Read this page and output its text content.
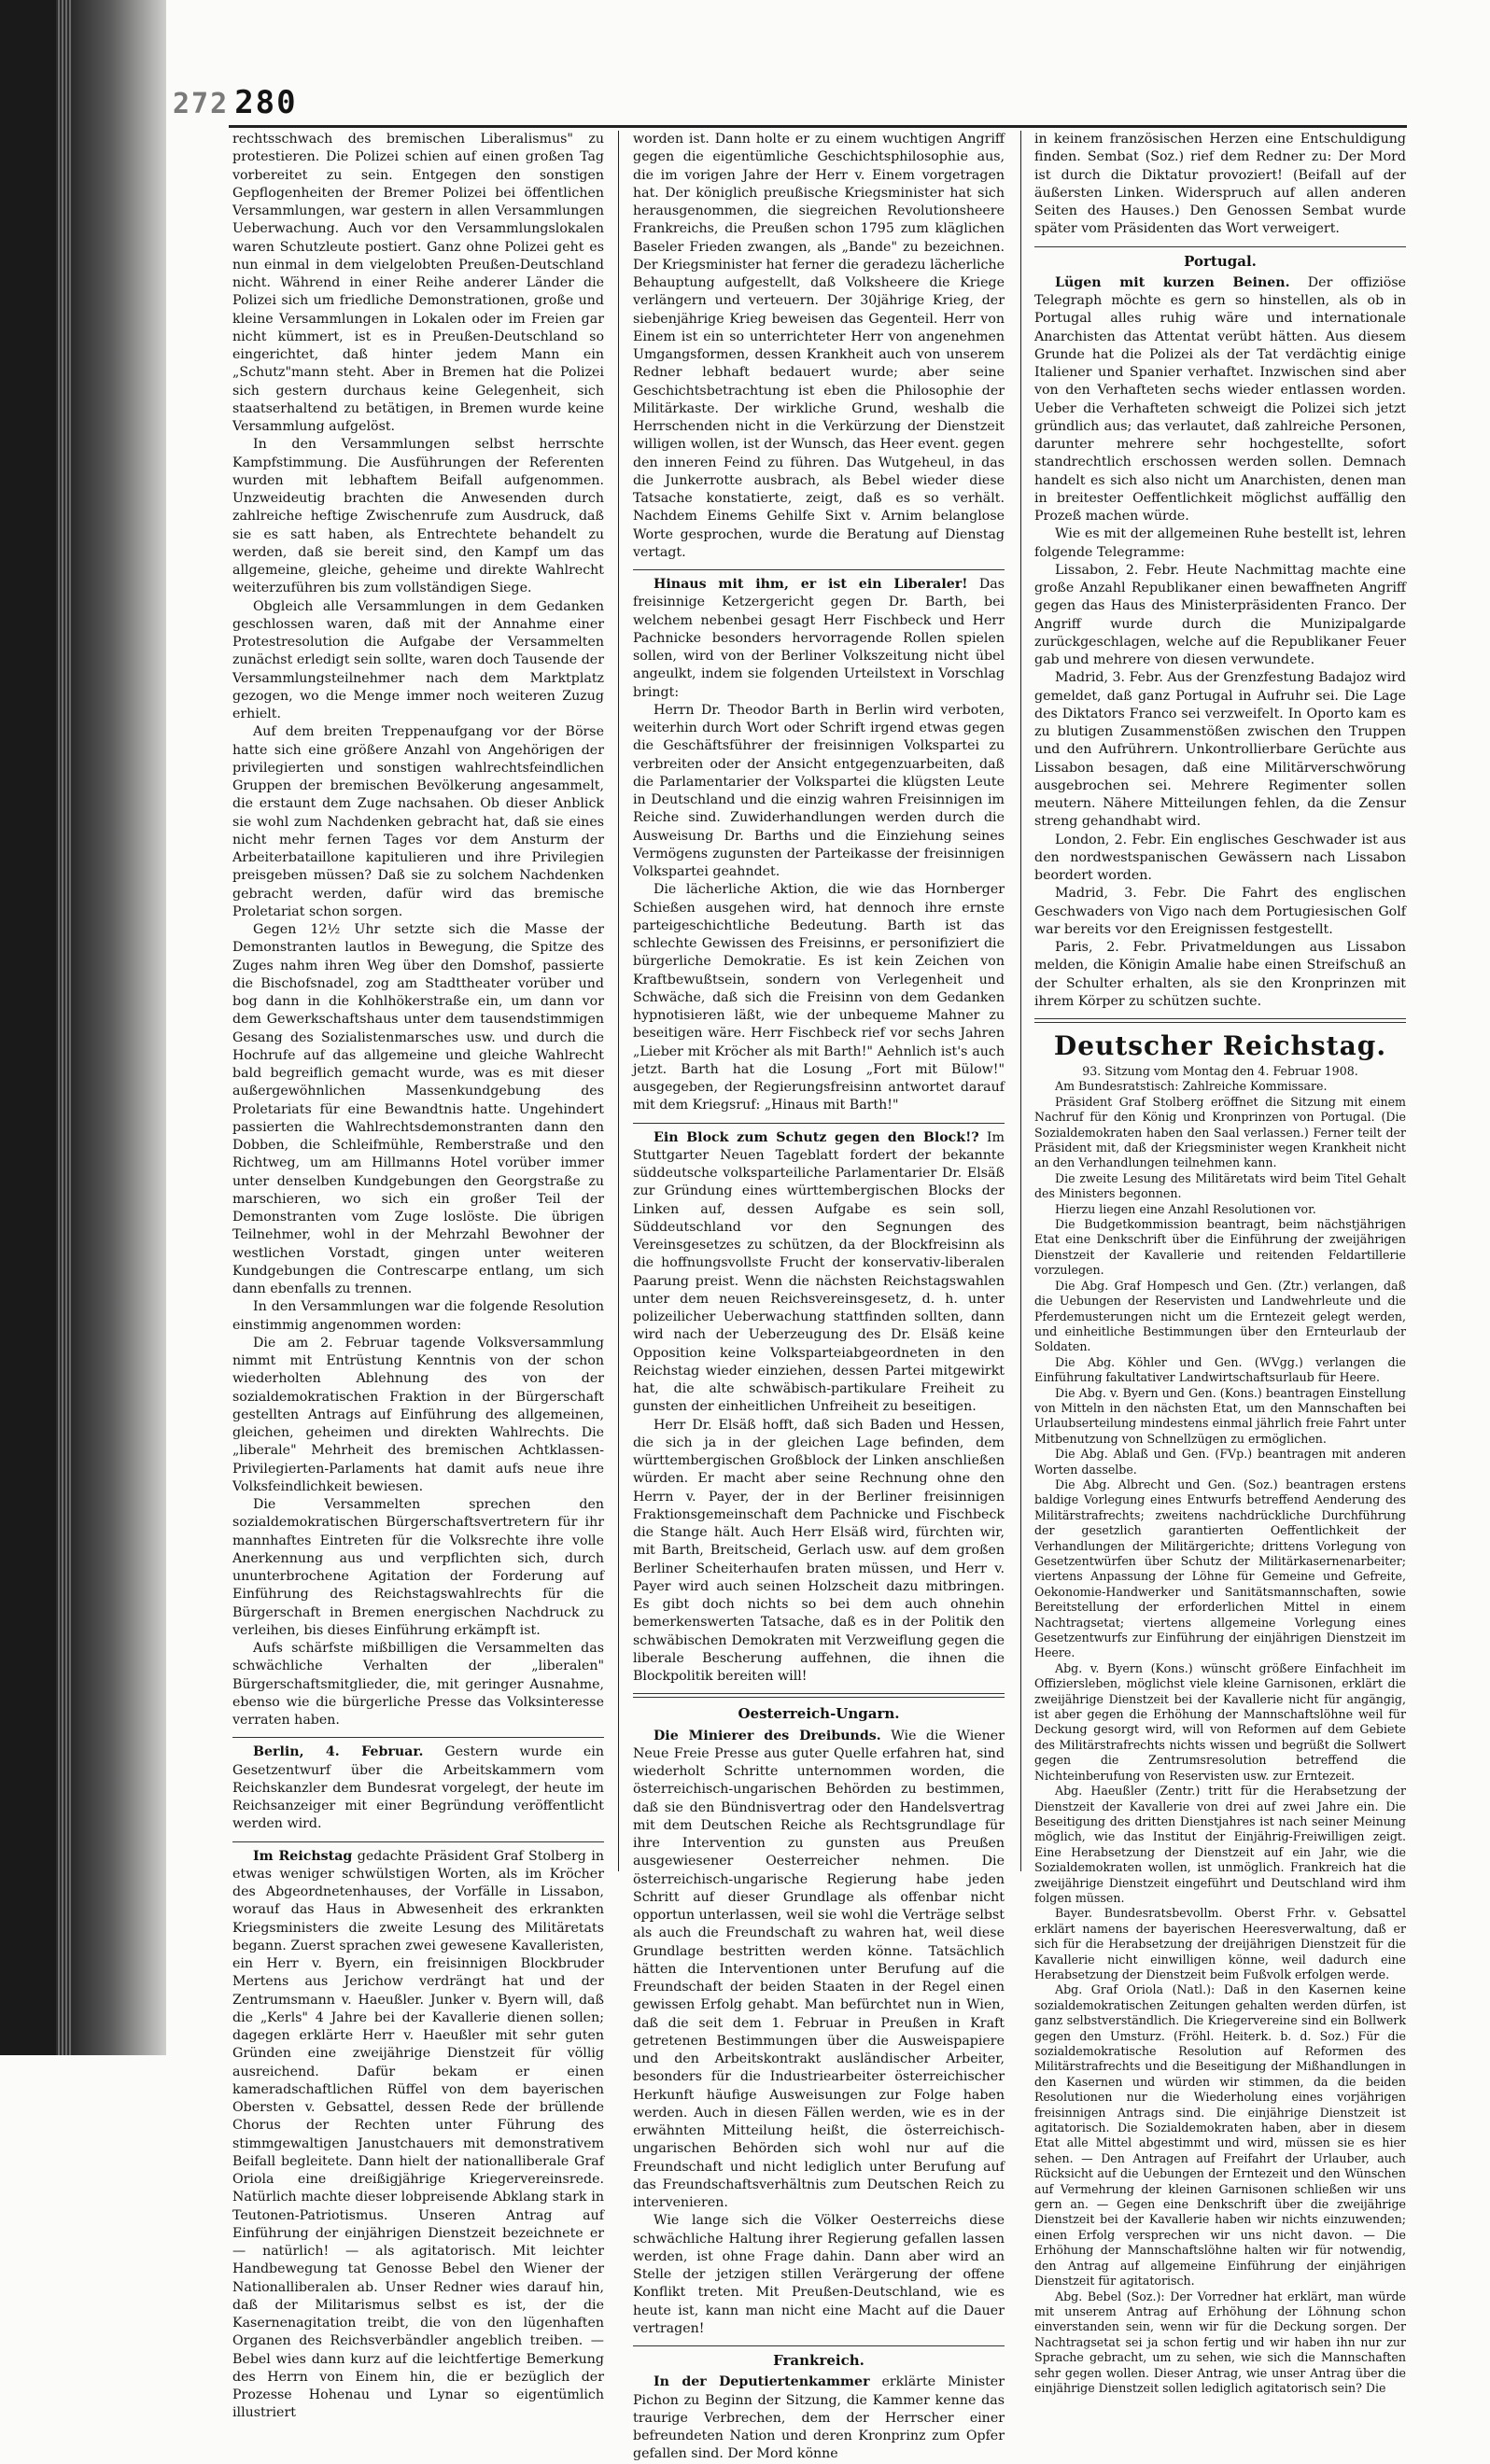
272 280

rechtsschwach des bremischen Liberalismus" zu protestieren. Die Polizei schien auf einen großen Tag vorbereitet zu sein. Entgegen den sonstigen Gepflogenheiten der Bremer Polizei bei öffentlichen Versammlungen, war gestern in allen Versammlungen Ueberwachung. Auch vor den Versammlungslokalen waren Schutzleute postiert. Ganz ohne Polizei geht es nun einmal in dem vielgelobten Preußen-Deutschland nicht. Während in einer Reihe anderer Länder die Polizei sich um friedliche Demonstrationen, große und kleine Versammlungen in Lokalen oder im Freien gar nicht kümmert, ist es in Preußen-Deutschland so eingerichtet, daß hinter jedem Mann ein „Schutz"mann steht. Aber in Bremen hat die Polizei sich gestern durchaus keine Gelegenheit, sich staatserhaltend zu betätigen, in Bremen wurde keine Versammlung aufgelöst.

In den Versammlungen selbst herrschte Kampfstimmung. Die Ausführungen der Referenten wurden mit lebhaftem Beifall aufgenommen. Unzweideutig brachten die Anwesenden durch zahlreiche heftige Zwischenrufe zum Ausdruck, daß sie es satt haben, als Entrechtete behandelt zu werden, daß sie bereit sind, den Kampf um das allgemeine, gleiche, geheime und direkte Wahlrecht weiterzuführen bis zum vollständigen Siege.

Obgleich alle Versammlungen in dem Gedanken geschlossen waren, daß mit der Annahme einer Protestresolution die Aufgabe der Versammelten zunächst erledigt sein sollte, waren doch Tausende der Versammlungsteilnehmer nach dem Marktplatz gezogen, wo die Menge immer noch weiteren Zuzug erhielt.

Auf dem breiten Treppenaufgang vor der Börse hatte sich eine größere Anzahl von Angehörigen der privilegierten und sonstigen wahlrechtsfeindlichen Gruppen der bremischen Bevölkerung angesammelt, die erstaunt dem Zuge nachsahen. Ob dieser Anblick sie wohl zum Nachdenken gebracht hat, daß sie eines nicht mehr fernen Tages vor dem Ansturm der Arbeiterbataillone kapitulieren und ihre Privilegien preisgeben müssen? Daß sie zu solchem Nachdenken gebracht werden, dafür wird das bremische Proletariat schon sorgen.

Gegen 12½ Uhr setzte sich die Masse der Demonstranten lautlos in Bewegung, die Spitze des Zuges nahm ihren Weg über den Domshof, passierte die Bischofsnadel, zog am Stadttheater vorüber und bog dann in die Kohlhökerstraße ein, um dann vor dem Gewerkschaftshaus unter dem tausendstimmigen Gesang des Sozialistenmarsches usw. und durch die Hochrufe auf das allgemeine und gleiche Wahlrecht bald begreiflich gemacht wurde, was es mit dieser außergewöhnlichen Massenkundgebung des Proletariats für eine Bewandtnis hatte. Ungehindert passierten die Wahlrechtsdemonstranten dann den Dobben, die Schleifmühle, Remberstraße und den Richtweg, um am Hillmanns Hotel vorüber immer unter denselben Kundgebungen den Georgstraße zu marschieren, wo sich ein großer Teil der Demonstranten vom Zuge loslöste. Die übrigen Teilnehmer, wohl in der Mehrzahl Bewohner der westlichen Vorstadt, gingen unter weiteren Kundgebungen die Contrescarpe entlang, um sich dann ebenfalls zu trennen.

In den Versammlungen war die folgende Resolution einstimmig angenommen worden:

Die am 2. Februar tagende Volksversammlung nimmt mit Entrüstung Kenntnis von der schon wiederholten Ablehnung des von der sozialdemokratischen Fraktion in der Bürgerschaft gestellten Antrags auf Einführung des allgemeinen, gleichen, geheimen und direkten Wahlrechts. Die „liberale" Mehrheit des bremischen Achtklassen-Privilegierten-Parlaments hat damit aufs neue ihre Volksfeindlichkeit bewiesen.

Die Versammelten sprechen den sozialdemokratischen Bürgerschaftsvertretern für ihr mannhaftes Eintreten für die Volksrechte ihre volle Anerkennung aus und verpflichten sich, durch ununterbrochene Agitation der Forderung auf Einführung des Reichstagswahlrechts für die Bürgerschaft in Bremen energischen Nachdruck zu verleihen, bis dieses Einführung erkämpft ist.

Aufs schärfste mißbilligen die Versammelten das schwächliche Verhalten der „liberalen" Bürgerschaftsmitglieder, die, mit geringer Ausnahme, ebenso wie die bürgerliche Presse das Volksinteresse verraten haben.

Berlin, 4. Februar. Gestern wurde ein Gesetzentwurf über die Arbeitskammern vom Reichskanzler dem Bundesrat vorgelegt, der heute im Reichsanzeiger mit einer Begründung veröffentlicht werden wird.

Im Reichstag gedachte Präsident Graf Stolberg in etwas weniger schwülstigen Worten, als im Kröcher des Abgeordnetenhauses, der Vorfälle in Lissabon, worauf das Haus in Abwesenheit des erkrankten Kriegsministers die zweite Lesung des Militäretats begann. Zuerst sprachen zwei gewesene Kavalleristen, ein Herr v. Byern, ein freisinnigen Blockbruder Mertens aus Jerichow verdrängt hat und der Zentrumsmann v. Haeußler. Junker v. Byern will, daß die „Kerls" 4 Jahre bei der Kavallerie dienen sollen; dagegen erklärte Herr v. Haeußler mit sehr guten Gründen eine zweijährige Dienstzeit für völlig ausreichend. Dafür bekam er einen kameradschaftlichen Rüffel von dem bayerischen Obersten v. Gebsattel, dessen Rede der brüllende Chorus der Rechten unter Führung des stimmgewaltigen Janustchauers mit demonstrativem Beifall begleitete. Dann hielt der nationalliberale Graf Oriola eine dreißigjährige Kriegervereinsrede. Natürlich machte dieser lobpreisende Abklang stark in Teutonen-Patriotismus. Unseren Antrag auf Einführung der einjährigen Dienstzeit bezeichnete er — natürlich! — als agitatorisch. Mit leichter Handbewegung tat Genosse Bebel den Wiener der Nationalliberalen ab. Unser Redner wies darauf hin, daß der Militarismus selbst es ist, der die Kasernenagitation treibt, die von den lügenhaften Organen des Reichsverbändler angeblich treiben. — Bebel wies dann kurz auf die leichtfertige Bemerkung des Herrn von Einem hin, die er bezüglich der Prozesse Hohenau und Lynar so eigentümlich illustriert

worden ist. Dann holte er zu einem wuchtigen Angriff gegen die eigentümliche Geschichtsphilosophie aus, die im vorigen Jahre der Herr v. Einem vorgetragen hat. Der königlich preußische Kriegsminister hat sich herausgenommen, die siegreichen Revolutionsheere Frankreichs, die Preußen schon 1795 zum kläglichen Baseler Frieden zwangen, als „Bande" zu bezeichnen. Der Kriegsminister hat ferner die geradezu lächerliche Behauptung aufgestellt, daß Volksheere die Kriege verlängern und verteuern. Der 30jährige Krieg, der siebenjährige Krieg beweisen das Gegenteil. Herr von Einem ist ein so unterrichteter Herr von angenehmen Umgangsformen, dessen Krankheit auch von unserem Redner lebhaft bedauert wurde; aber seine Geschichtsbetrachtung ist eben die Philosophie der Militärkaste. Der wirkliche Grund, weshalb die Herrschenden nicht in die Verkürzung der Dienstzeit willigen wollen, ist der Wunsch, das Heer event. gegen den inneren Feind zu führen. Das Wutgeheul, in das die Junkerrotte ausbrach, als Bebel wieder diese Tatsache konstatierte, zeigt, daß es so verhält. Nachdem Einems Gehilfe Sixt v. Arnim belanglose Worte gesprochen, wurde die Beratung auf Dienstag vertagt.

Hinaus mit ihm, er ist ein Liberaler! Das freisinnige Ketzergericht gegen Dr. Barth, bei welchem nebenbei gesagt Herr Fischbeck und Herr Pachnicke besonders hervorragende Rollen spielen sollen, wird von der Berliner Volkszeitung nicht übel angeulkt, indem sie folgenden Urteilstext in Vorschlag bringt:

Herrn Dr. Theodor Barth in Berlin wird verboten, weiterhin durch Wort oder Schrift irgend etwas gegen die Geschäftsführer der freisinnigen Volkspartei zu verbreiten oder der Ansicht entgegenzuarbeiten, daß die Parlamentarier der Volkspartei die klügsten Leute in Deutschland und die einzig wahren Freisinnigen im Reiche sind. Zuwiderhandlungen werden durch die Ausweisung Dr. Barths und die Einziehung seines Vermögens zugunsten der Parteikasse der freisinnigen Volkspartei geahndet.

Die lächerliche Aktion, die wie das Hornberger Schießen ausgehen wird, hat dennoch ihre ernste parteigeschichtliche Bedeutung. Barth ist das schlechte Gewissen des Freisinns, er personifiziert die bürgerliche Demokratie. Es ist kein Zeichen von Kraftbewußtsein, sondern von Verlegenheit und Schwäche, daß sich die Freisinn von dem Gedanken hypnotisieren läßt, wie der unbequeme Mahner zu beseitigen wäre. Herr Fischbeck rief vor sechs Jahren „Lieber mit Kröcher als mit Barth!" Aehnlich ist's auch jetzt. Barth hat die Losung „Fort mit Bülow!" ausgegeben, der Regierungsfreisinn antwortet darauf mit dem Kriegsruf: „Hinaus mit Barth!"

Ein Block zum Schutz gegen den Block!? Im Stuttgarter Neuen Tageblatt fordert der bekannte süddeutsche volksparteiliche Parlamentarier Dr. Elsäß zur Gründung eines württembergischen Blocks der Linken auf, dessen Aufgabe es sein soll, Süddeutschland vor den Segnungen des Vereinsgesetzes zu schützen, da der Blockfreisinn als die hoffnungsvollste Frucht der konservativ-liberalen Paarung preist. Wenn die nächsten Reichstagswahlen unter dem neuen Reichsvereinsgesetz, d. h. unter polizeilicher Ueberwachung stattfinden sollten, dann wird nach der Ueberzeugung des Dr. Elsäß keine Opposition keine Volksparteiabgeordneten in den Reichstag wieder einziehen, dessen Partei mitgewirkt hat, die alte schwäbisch-partikulare Freiheit zu gunsten der einheitlichen Unfreiheit zu beseitigen.

Herr Dr. Elsäß hofft, daß sich Baden und Hessen, die sich ja in der gleichen Lage befinden, dem württembergischen Großblock der Linken anschließen würden. Er macht aber seine Rechnung ohne den Herrn v. Payer, der in der Berliner freisinnigen Fraktionsgemeinschaft dem Pachnicke und Fischbeck die Stange hält. Auch Herr Elsäß wird, fürchten wir, mit Barth, Breitscheid, Gerlach usw. auf dem großen Berliner Scheiterhaufen braten müssen, und Herr v. Payer wird auch seinen Holzscheit dazu mitbringen. Es gibt doch nichts so bei dem auch ohnehin bemerkenswerten Tatsache, daß es in der Politik den schwäbischen Demokraten mit Verzweiflung gegen die liberale Bescherung auffehnen, die ihnen die Blockpolitik bereiten will!

Oesterreich-Ungarn.

Die Minierer des Dreibunds. Wie die Wiener Neue Freie Presse aus guter Quelle erfahren hat, sind wiederholt Schritte unternommen worden, die österreichisch-ungarischen Behörden zu bestimmen, daß sie den Bündnisvertrag oder den Handelsvertrag mit dem Deutschen Reiche als Rechtsgrundlage für ihre Intervention zu gunsten aus Preußen ausgewiesener Oesterreicher nehmen. Die österreichisch-ungarische Regierung habe jeden Schritt auf dieser Grundlage als offenbar nicht opportun unterlassen, weil sie wohl die Verträge selbst als auch die Freundschaft zu wahren hat, weil diese Grundlage bestritten werden könne. Tatsächlich hätten die Interventionen unter Berufung auf die Freundschaft der beiden Staaten in der Regel einen gewissen Erfolg gehabt. Man befürchtet nun in Wien, daß die seit dem 1. Februar in Preußen in Kraft getretenen Bestimmungen über die Ausweispapiere und den Arbeitskontrakt ausländischer Arbeiter, besonders für die Industriearbeiter österreichischer Herkunft häufige Ausweisungen zur Folge haben werden. Auch in diesen Fällen werden, wie es in der erwähnten Mitteilung heißt, die österreichisch-ungarischen Behörden sich wohl nur auf die Freundschaft und nicht lediglich unter Berufung auf das Freundschaftsverhältnis zum Deutschen Reich zu intervenieren.

Wie lange sich die Völker Oesterreichs diese schwächliche Haltung ihrer Regierung gefallen lassen werden, ist ohne Frage dahin. Dann aber wird an Stelle der jetzigen stillen Verärgerung der offene Konflikt treten. Mit Preußen-Deutschland, wie es heute ist, kann man nicht eine Macht auf die Dauer vertragen!

Frankreich.

In der Deputiertenkammer erklärte Minister Pichon zu Beginn der Sitzung, die Kammer kenne das traurige Verbrechen, dem der Herrscher einer befreundeten Nation und deren Kronprinz zum Opfer gefallen sind. Der Mord könne

in keinem französischen Herzen eine Entschuldigung finden. Sembat (Soz.) rief dem Redner zu: Der Mord ist durch die Diktatur provoziert! (Beifall auf der äußersten Linken. Widerspruch auf allen anderen Seiten des Hauses.) Den Genossen Sembat wurde später vom Präsidenten das Wort verweigert.

Portugal.

Lügen mit kurzen Beinen. Der offiziöse Telegraph möchte es gern so hinstellen, als ob in Portugal alles ruhig wäre und internationale Anarchisten das Attentat verübt hätten. Aus diesem Grunde hat die Polizei als der Tat verdächtig einige Italiener und Spanier verhaftet. Inzwischen sind aber von den Verhafteten sechs wieder entlassen worden. Ueber die Verhafteten schweigt die Polizei sich jetzt gründlich aus; das verlautet, daß zahlreiche Personen, darunter mehrere sehr hochgestellte, sofort standrechtlich erschossen werden sollen. Demnach handelt es sich also nicht um Anarchisten, denen man in breitester Oeffentlichkeit möglichst auffällig den Prozeß machen würde.

Wie es mit der allgemeinen Ruhe bestellt ist, lehren folgende Telegramme:

Lissabon, 2. Febr. Heute Nachmittag machte eine große Anzahl Republikaner einen bewaffneten Angriff gegen das Haus des Ministerpräsidenten Franco. Der Angriff wurde durch die Munizipalgarde zurückgeschlagen, welche auf die Republikaner Feuer gab und mehrere von diesen verwundete.

Madrid, 3. Febr. Aus der Grenzfestung Badajoz wird gemeldet, daß ganz Portugal in Aufruhr sei. Die Lage des Diktators Franco sei verzweifelt. In Oporto kam es zu blutigen Zusammenstößen zwischen den Truppen und den Aufrührern. Unkontrollierbare Gerüchte aus Lissabon besagen, daß eine Militärverschwörung ausgebrochen sei. Mehrere Regimenter sollen meutern. Nähere Mitteilungen fehlen, da die Zensur streng gehandhabt wird.

London, 2. Febr. Ein englisches Geschwader ist aus den nordwestspanischen Gewässern nach Lissabon beordert worden.

Madrid, 3. Febr. Die Fahrt des englischen Geschwaders von Vigo nach dem Portugiesischen Golf war bereits vor den Ereignissen festgestellt.

Paris, 2. Febr. Privatmeldungen aus Lissabon melden, die Königin Amalie habe einen Streifschuß an der Schulter erhalten, als sie den Kronprinzen mit ihrem Körper zu schützen suchte.

Deutscher Reichstag.

93. Sitzung vom Montag den 4. Februar 1908.

Am Bundesratstisch: Zahlreiche Kommissare.

Präsident Graf Stolberg eröffnet die Sitzung mit einem Nachruf für den König und Kronprinzen von Portugal. (Die Sozialdemokraten haben den Saal verlassen.) Ferner teilt der Präsident mit, daß der Kriegsminister wegen Krankheit nicht an den Verhandlungen teilnehmen kann.

Die zweite Lesung des Militäretats wird beim Titel Gehalt des Ministers begonnen.

Hierzu liegen eine Anzahl Resolutionen vor.

Die Budgetkommission beantragt, beim nächstjährigen Etat eine Denkschrift über die Einführung der zweijährigen Dienstzeit der Kavallerie und reitenden Feldartillerie vorzulegen.

Die Abg. Graf Hompesch und Gen. (Ztr.) verlangen, daß die Uebungen der Reservisten und Landwehrleute und die Pferdemusterungen nicht um die Erntezeit gelegt werden, und einheitliche Bestimmungen über den Ernteurlaub der Soldaten.

Die Abg. Köhler und Gen. (WVgg.) verlangen die Einführung fakultativer Landwirtschaftsurlaub für Heere.

Die Abg. v. Byern und Gen. (Kons.) beantragen Einstellung von Mitteln in den nächsten Etat, um den Mannschaften bei Urlaubserteilung mindestens einmal jährlich freie Fahrt unter Mitbenutzung von Schnellzügen zu ermöglichen.

Die Abg. Ablaß und Gen. (FVp.) beantragen mit anderen Worten dasselbe.

Die Abg. Albrecht und Gen. (Soz.) beantragen erstens baldige Vorlegung eines Entwurfs betreffend Aenderung des Militärstrafrechts; zweitens nachdrückliche Durchführung der gesetzlich garantierten Oeffentlichkeit der Verhandlungen der Militärgerichte; drittens Vorlegung von Gesetzentwürfen über Schutz der Militärkasernenarbeiter; viertens Anpassung der Löhne für Gemeine und Gefreite, Oekonomie-Handwerker und Sanitätsmannschaften, sowie Bereitstellung der erforderlichen Mittel in einem Nachtragsetat; viertens allgemeine Vorlegung eines Gesetzentwurfs zur Einführung der einjährigen Dienstzeit im Heere.

Abg. v. Byern (Kons.) wünscht größere Einfachheit im Offiziersleben, möglichst viele kleine Garnisonen, erklärt die zweijährige Dienstzeit bei der Kavallerie nicht für angängig, ist aber gegen die Erhöhung der Mannschaftslöhne weil für Deckung gesorgt wird, will von Reformen auf dem Gebiete des Militärstrafrechts nichts wissen und begrüßt die Sollwert gegen die Zentrumsresolution betreffend die Nichteinberufung von Reservisten usw. zur Erntezeit.

Abg. Haeußler (Zentr.) tritt für die Herabsetzung der Dienstzeit der Kavallerie von drei auf zwei Jahre ein. Die Beseitigung des dritten Dienstjahres ist nach seiner Meinung möglich, wie das Institut der Einjährig-Freiwilligen zeigt. Eine Herabsetzung der Dienstzeit auf ein Jahr, wie die Sozialdemokraten wollen, ist unmöglich. Frankreich hat die zweijährige Dienstzeit eingeführt und Deutschland wird ihm folgen müssen.

Bayer. Bundesratsbevollm. Oberst Frhr. v. Gebsattel erklärt namens der bayerischen Heeresverwaltung, daß er sich für die Herabsetzung der dreijährigen Dienstzeit für die Kavallerie nicht einwilligen könne, weil dadurch eine Herabsetzung der Dienstzeit beim Fußvolk erfolgen werde.

Abg. Graf Oriola (Natl.): Daß in den Kasernen keine sozialdemokratischen Zeitungen gehalten werden dürfen, ist ganz selbstverständlich. Die Kriegervereine sind ein Bollwerk gegen den Umsturz. (Fröhl. Heiterk. b. d. Soz.) Für die sozialdemokratische Resolution auf Reformen des Militärstrafrechts und die Beseitigung der Mißhandlungen in den Kasernen und würden wir stimmen, da die beiden Resolutionen nur die Wiederholung eines vorjährigen freisinnigen Antrags sind. Die einjährige Dienstzeit ist agitatorisch. Die Sozialdemokraten haben, aber in diesem Etat alle Mittel abgestimmt und wird, müssen sie es hier sehen. — Den Antragen auf Freifahrt der Urlauber, auch Rücksicht auf die Uebungen der Erntezeit und den Wünschen auf Vermehrung der kleinen Garnisonen schließen wir uns gern an. — Gegen eine Denkschrift über die zweijährige Dienstzeit bei der Kavallerie haben wir nichts einzuwenden; einen Erfolg versprechen wir uns nicht davon. — Die Erhöhung der Mannschaftslöhne halten wir für notwendig, den Antrag auf allgemeine Einführung der einjährigen Dienstzeit für agitatorisch.

Abg. Bebel (Soz.): Der Vorredner hat erklärt, man würde mit unserem Antrag auf Erhöhung der Löhnung schon einverstanden sein, wenn wir für die Deckung sorgen. Der Nachtragsetat sei ja schon fertig und wir haben ihn nur zur Sprache gebracht, um zu sehen, wie sich die Mannschaften sehr gegen wollen. Dieser Antrag, wie unser Antrag über die einjährige Dienstzeit sollen lediglich agitatorisch sein? Die
